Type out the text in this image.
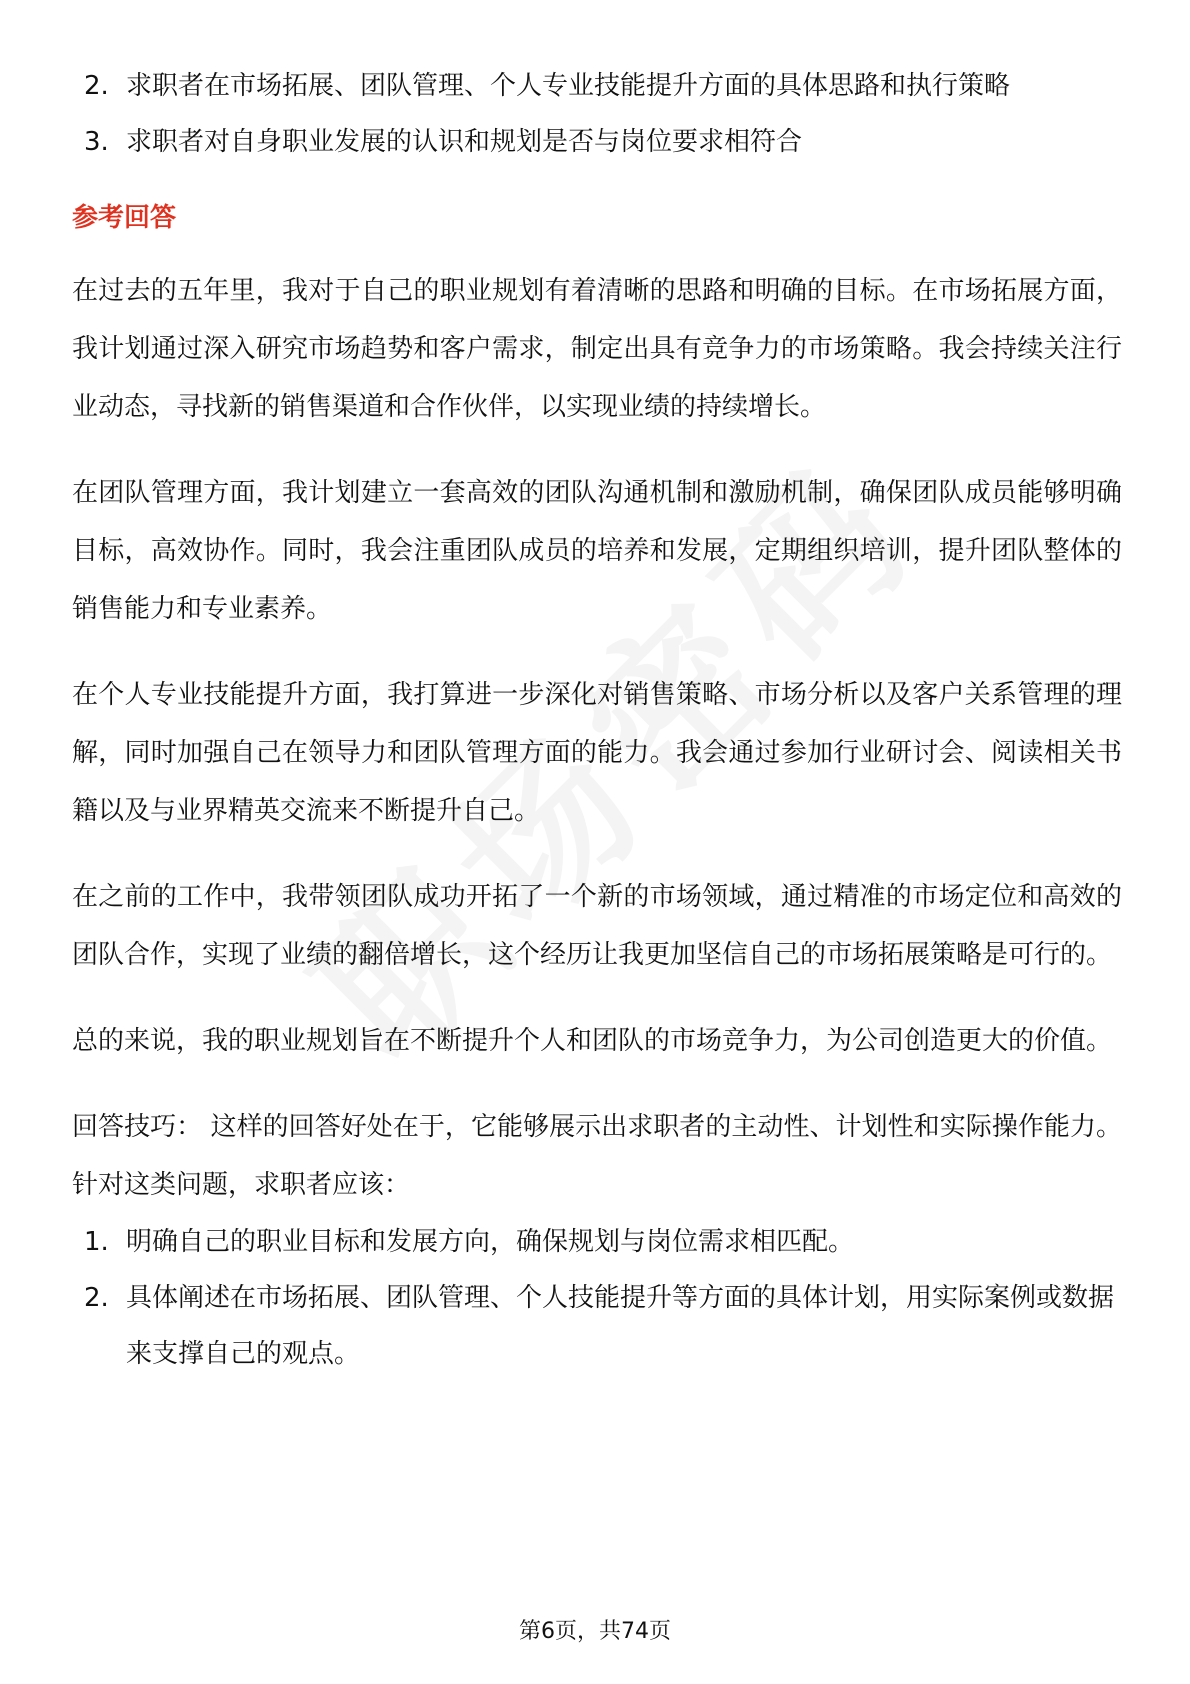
2. 求职者在市场拓展、团队管理、个人专业技能提升方面的具体思路和执行策略
3. 求职者对自身职业发展的认识和规划是否与岗位要求相符合
参考回答

在过去的五年里，我对于自己的职业规划有着清晰的思路和明确的目标。在市场拓展方面，我计划通过深入研究市场趋势和客户需求，制定出具有竞争力的市场策略。我会持续关注行业动态，寻找新的销售渠道和合作伙伴，以实现业绩的持续增长。

在团队管理方面，我计划建立一套高效的团队沟通机制和激励机制，确保团队成员能够明确目标，高效协作。同时，我会注重团队成员的培养和发展，定期组织培训，提升团队整体的销售能力和专业素养。

在个人专业技能提升方面，我打算进一步深化对销售策略、市场分析以及客户关系管理的理解，同时加强自己在领导力和团队管理方面的能力。我会通过参加行业研讨会、阅读相关书籍以及与业界精英交流来不断提升自己。

在之前的工作中，我带领团队成功开拓了一个新的市场领域，通过精准的市场定位和高效的团队合作，实现了业绩的翻倍增长，这个经历让我更加坚信自己的市场拓展策略是可行的。

总的来说，我的职业规划旨在不断提升个人和团队的市场竞争力，为公司创造更大的价值。

回答技巧： 这样的回答好处在于，它能够展示出求职者的主动性、计划性和实际操作能力。针对这类问题，求职者应该：

1. 明确自己的职业目标和发展方向，确保规划与岗位需求相匹配。
2. 具体阐述在市场拓展、团队管理、个人技能提升等方面的具体计划，用实际案例或数据来支撑自己的观点。
第6页，共74页
